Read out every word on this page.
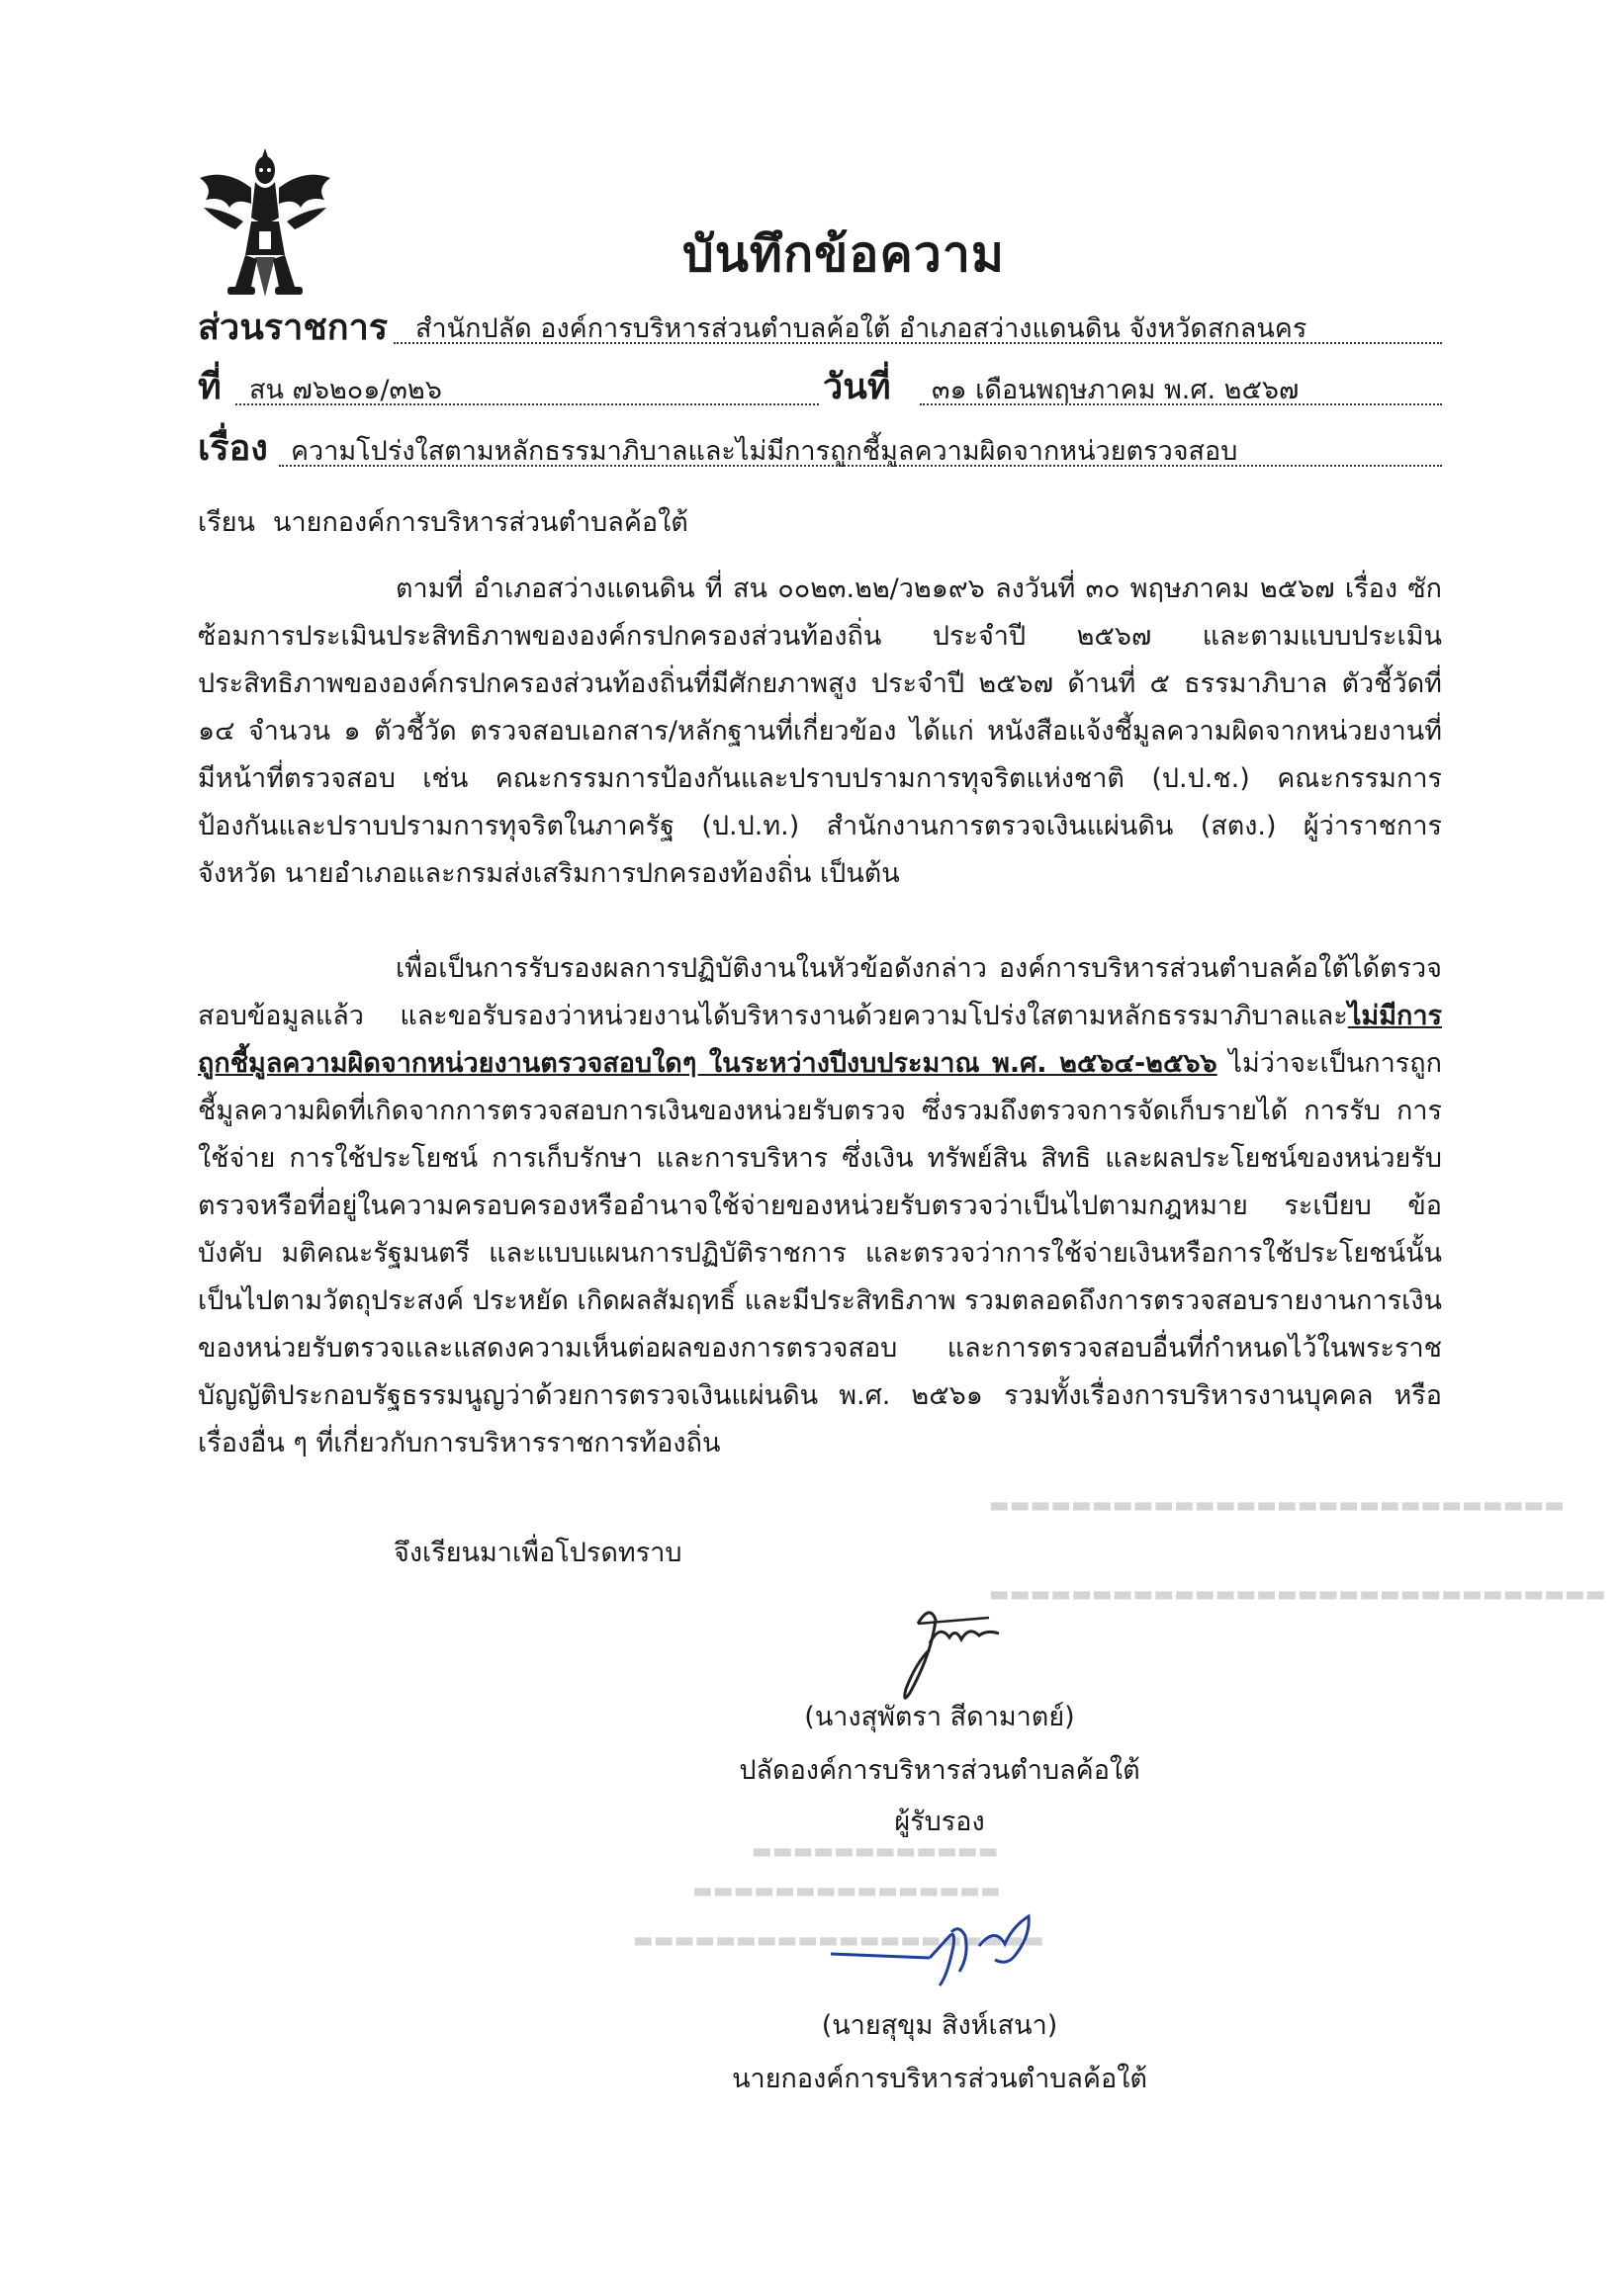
บันทึกข้อความ
ส่วนราชการ สำนักปลัด องค์การบริหารส่วนตำบลค้อใต้ อำเภอสว่างแดนดิน จังหวัดสกลนคร
ที่ สน ๗๖๒๐๑/๓๒๖	วันที่ ๓๑ เดือนพฤษภาคม พ.ศ. ๒๕๖๗
เรื่อง ความโปร่งใสตามหลักธรรมาภิบาลและไม่มีการถูกชี้มูลความผิดจากหน่วยตรวจสอบ
เรียน นายกองค์การบริหารส่วนตำบลค้อใต้
ตามที่ อำเภอสว่างแดนดิน ที่ สน ๐๐๒๓.๒๒/ว๒๑๙๖ ลงวันที่ ๓๐ พฤษภาคม ๒๕๖๗ เรื่อง ซักซ้อมการประเมินประสิทธิภาพขององค์กรปกครองส่วนท้องถิ่น ประจำปี ๒๕๖๗ และตามแบบประเมินประสิทธิภาพขององค์กรปกครองส่วนท้องถิ่นที่มีศักยภาพสูง ประจำปี ๒๕๖๗ ด้านที่ ๕ ธรรมาภิบาล ตัวชี้วัดที่ ๑๔ จำนวน ๑ ตัวชี้วัด ตรวจสอบเอกสาร/หลักฐานที่เกี่ยวข้อง ได้แก่ หนังสือแจ้งชี้มูลความผิดจากหน่วยงานที่มีหน้าที่ตรวจสอบ เช่น คณะกรรมการป้องกันและปราบปรามการทุจริตแห่งชาติ (ป.ป.ช.) คณะกรรมการป้องกันและปราบปรามการทุจริตในภาครัฐ (ป.ป.ท.) สำนักงานการตรวจเงินแผ่นดิน (สตง.) ผู้ว่าราชการจังหวัด นายอำเภอและกรมส่งเสริมการปกครองท้องถิ่น เป็นต้น
เพื่อเป็นการรับรองผลการปฏิบัติงานในหัวข้อดังกล่าว องค์การบริหารส่วนตำบลค้อใต้ได้ตรวจสอบข้อมูลแล้ว และขอรับรองว่าหน่วยงานได้บริหารงานด้วยความโปร่งใสตามหลักธรรมาภิบาลและไม่มีการถูกชี้มูลความผิดจากหน่วยงานตรวจสอบใดๆ ในระหว่างปีงบประมาณ พ.ศ. ๒๕๖๔-๒๕๖๖ ไม่ว่าจะเป็นการถูกชี้มูลความผิดที่เกิดจากการตรวจสอบการเงินของหน่วยรับตรวจ ซึ่งรวมถึงตรวจการจัดเก็บรายได้ การรับ การใช้จ่าย การใช้ประโยชน์ การเก็บรักษา และการบริหาร ซึ่งเงิน ทรัพย์สิน สิทธิ และผลประโยชน์ของหน่วยรับตรวจหรือที่อยู่ในความครอบครองหรืออำนาจใช้จ่ายของหน่วยรับตรวจว่าเป็นไปตามกฎหมาย ระเบียบ ข้อบังคับ มติคณะรัฐมนตรี และแบบแผนการปฏิบัติราชการ และตรวจว่าการใช้จ่ายเงินหรือการใช้ประโยชน์นั้นเป็นไปตามวัตถุประสงค์ ประหยัด เกิดผลสัมฤทธิ์ และมีประสิทธิภาพ รวมตลอดถึงการตรวจสอบรายงานการเงินของหน่วยรับตรวจและแสดงความเห็นต่อผลของการตรวจสอบ และการตรวจสอบอื่นที่กำหนดไว้ในพระราชบัญญัติประกอบรัฐธรรมนูญว่าด้วยการตรวจเงินแผ่นดิน พ.ศ. ๒๕๖๑ รวมทั้งเรื่องการบริหารงานบุคคล หรือเรื่องอื่น ๆ ที่เกี่ยวกับการบริหารราชการท้องถิ่น
จึงเรียนมาเพื่อโปรดทราบ
▬▬▬▬▬▬▬▬▬▬▬▬▬▬▬▬▬▬▬▬▬▬▬▬▬▬▬▬
▬▬▬▬▬▬▬▬▬▬▬▬▬▬▬▬▬▬▬▬▬▬▬▬▬▬▬▬▬▬
(นางสุพัตรา สีดามาตย์)
ปลัดองค์การบริหารส่วนตำบลค้อใต้
ผู้รับรอง
▬▬▬▬▬▬▬▬▬▬▬▬
▬▬▬▬▬▬▬▬▬▬▬▬▬▬▬
▬▬▬▬▬▬▬▬▬▬▬▬▬▬▬▬▬▬▬▬
(นายสุขุม สิงห์เสนา)
นายกองค์การบริหารส่วนตำบลค้อใต้
